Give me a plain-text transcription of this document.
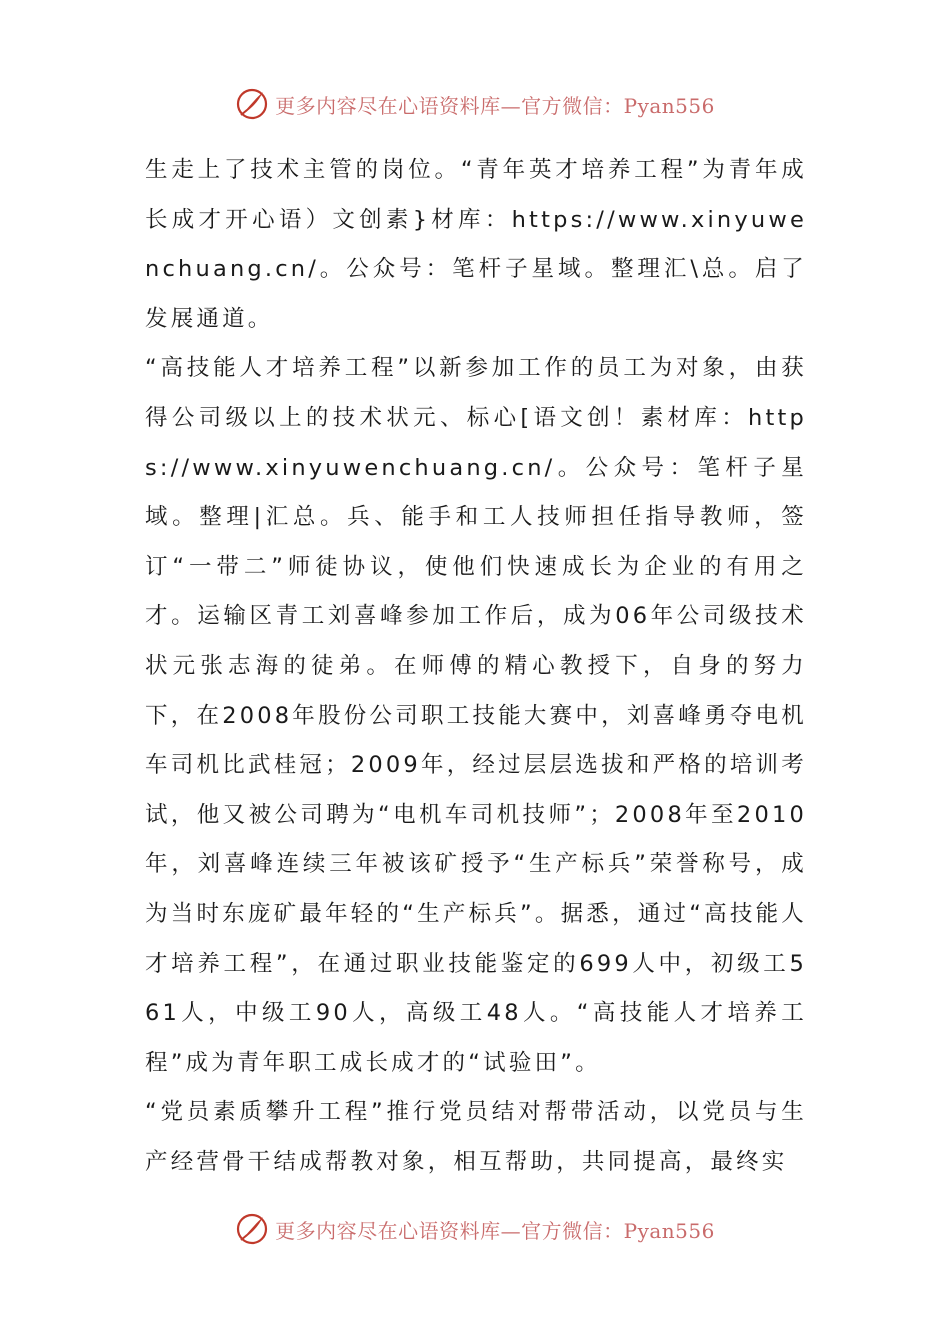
更多内容尽在心语资料库—官方微信：Pyan556

生走上了技术主管的岗位。“青年英才培养工程”为青年成长成才开心语）文创素}材库：https://www.xinyuwenchuang.cn/。公众号：笔杆子星域。整理汇\总。启了发展通道。

“高技能人才培养工程”以新参加工作的员工为对象，由获得公司级以上的技术状元、标心[语文创！素材库：https://www.xinyuwenchuang.cn/。公众号：笔杆子星域。整理|汇总。兵、能手和工人技师担任指导教师，签订“一带二”师徒协议，使他们快速成长为企业的有用之才。运输区青工刘喜峰参加工作后，成为06年公司级技术状元张志海的徒弟。在师傅的精心教授下，自身的努力下，在2008年股份公司职工技能大赛中，刘喜峰勇夺电机车司机比武桂冠；2009年，经过层层选拔和严格的培训考试，他又被公司聘为“电机车司机技师”；2008年至2010年，刘喜峰连续三年被该矿授予“生产标兵”荣誉称号，成为当时东庞矿最年轻的“生产标兵”。据悉，通过“高技能人才培养工程”，在通过职业技能鉴定的699人中，初级工561人，中级工90人，高级工48人。“高技能人才培养工程”成为青年职工成长成才的“试验田”。

“党员素质攀升工程”推行党员结对帮带活动，以党员与生产经营骨干结成帮教对象，相互帮助，共同提高，最终实

更多内容尽在心语资料库—官方微信：Pyan556
